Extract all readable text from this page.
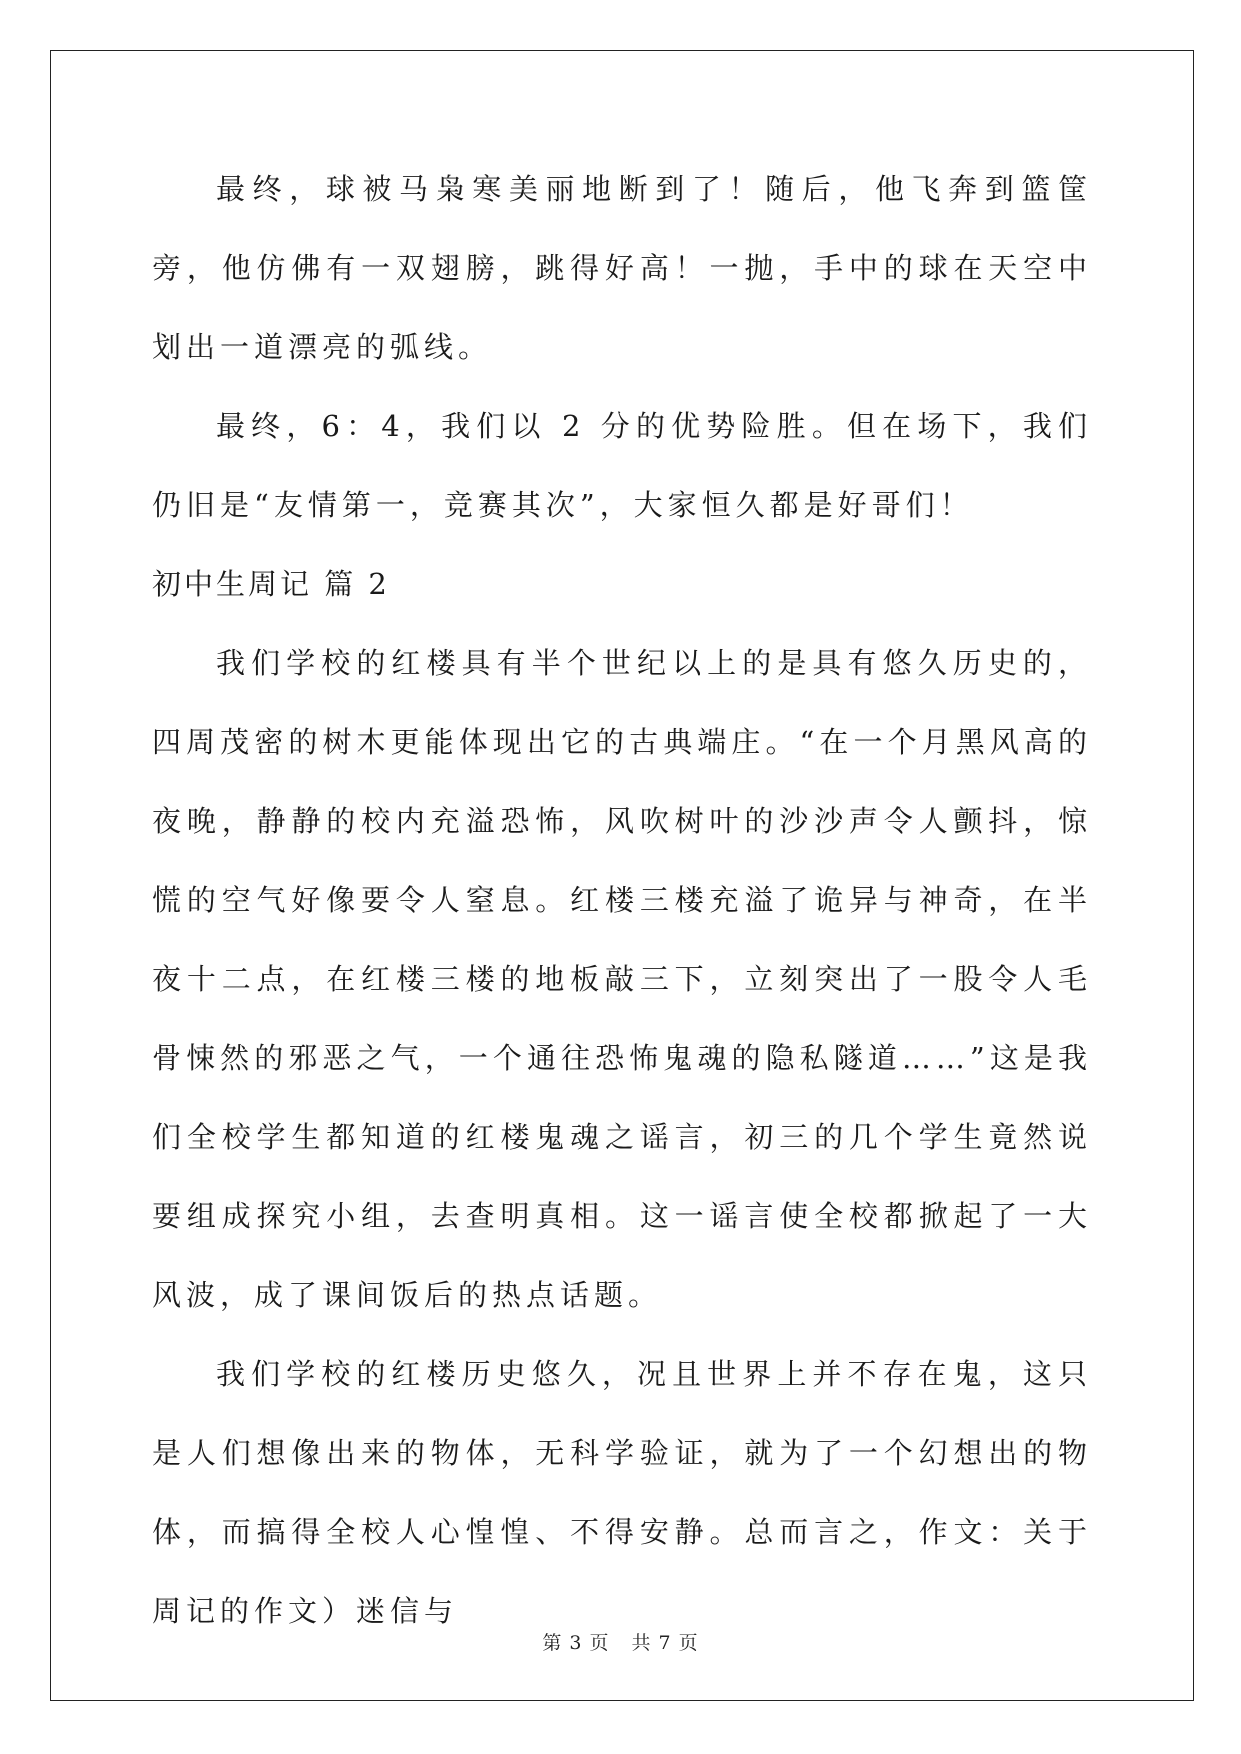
最终，球被马枭寒美丽地断到了！随后，他飞奔到篮筐旁，他仿佛有一双翅膀，跳得好高！一抛，手中的球在天空中划出一道漂亮的弧线。

最终，6：4，我们以 2 分的优势险胜。但在场下，我们仍旧是“友情第一，竞赛其次”，大家恒久都是好哥们！

初中生周记 篇 2

我们学校的红楼具有半个世纪以上的是具有悠久历史的，四周茂密的树木更能体现出它的古典端庄。“在一个月黑风高的夜晚，静静的校内充溢恐怖，风吹树叶的沙沙声令人颤抖，惊慌的空气好像要令人窒息。红楼三楼充溢了诡异与神奇，在半夜十二点，在红楼三楼的地板敲三下，立刻突出了一股令人毛骨悚然的邪恶之气，一个通往恐怖鬼魂的隐私隧道……”这是我们全校学生都知道的红楼鬼魂之谣言，初三的几个学生竟然说要组成探究小组，去查明真相。这一谣言使全校都掀起了一大风波，成了课间饭后的热点话题。

我们学校的红楼历史悠久，况且世界上并不存在鬼，这只是人们想像出来的物体，无科学验证，就为了一个幻想出的物体，而搞得全校人心惶惶、不得安静。总而言之，作文：关于周记的作文）迷信与

第 3 页 共 7 页
